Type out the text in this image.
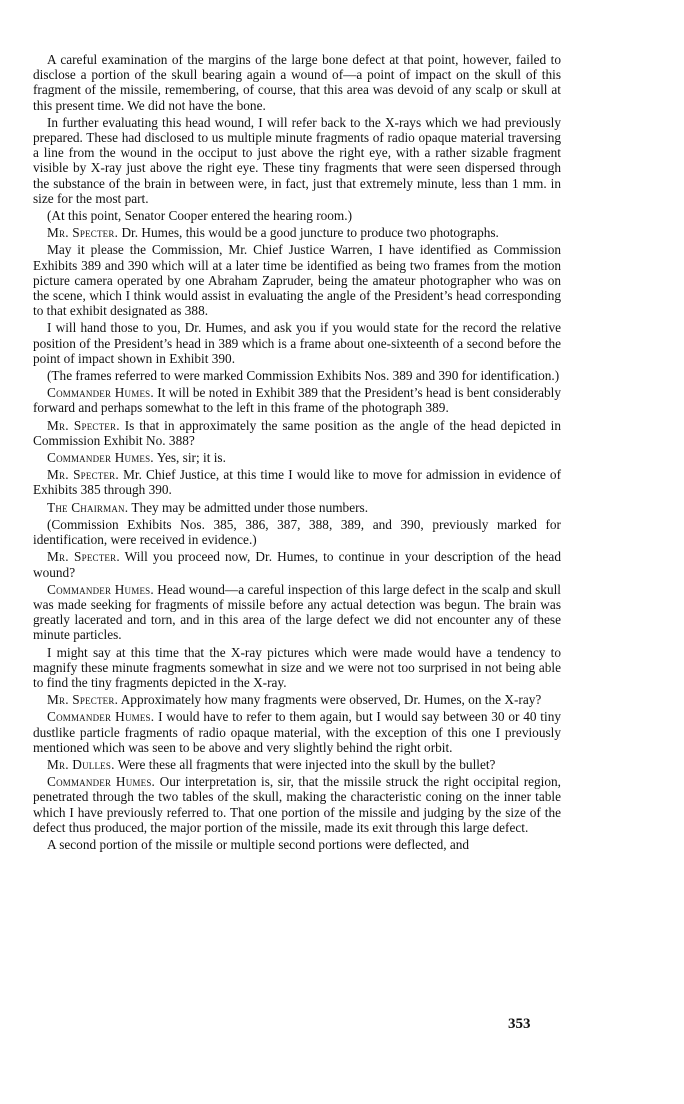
A careful examination of the margins of the large bone defect at that point, however, failed to disclose a portion of the skull bearing again a wound of—a point of impact on the skull of this fragment of the missile, remembering, of course, that this area was devoid of any scalp or skull at this present time. We did not have the bone.

In further evaluating this head wound, I will refer back to the X-rays which we had previously prepared. These had disclosed to us multiple minute fragments of radio opaque material traversing a line from the wound in the occiput to just above the right eye, with a rather sizable fragment visible by X-ray just above the right eye. These tiny fragments that were seen dispersed through the substance of the brain in between were, in fact, just that extremely minute, less than 1 mm. in size for the most part.

(At this point, Senator Cooper entered the hearing room.)

Mr. Specter. Dr. Humes, this would be a good juncture to produce two photographs.

May it please the Commission, Mr. Chief Justice Warren, I have identified as Commission Exhibits 389 and 390 which will at a later time be identified as being two frames from the motion picture camera operated by one Abraham Zapruder, being the amateur photographer who was on the scene, which I think would assist in evaluating the angle of the President’s head corresponding to that exhibit designated as 388.

I will hand those to you, Dr. Humes, and ask you if you would state for the record the relative position of the President’s head in 389 which is a frame about one-sixteenth of a second before the point of impact shown in Exhibit 390.

(The frames referred to were marked Commission Exhibits Nos. 389 and 390 for identification.)

Commander Humes. It will be noted in Exhibit 389 that the President’s head is bent considerably forward and perhaps somewhat to the left in this frame of the photograph 389.

Mr. Specter. Is that in approximately the same position as the angle of the head depicted in Commission Exhibit No. 388?

Commander Humes. Yes, sir; it is.

Mr. Specter. Mr. Chief Justice, at this time I would like to move for admission in evidence of Exhibits 385 through 390.

The Chairman. They may be admitted under those numbers.

(Commission Exhibits Nos. 385, 386, 387, 388, 389, and 390, previously marked for identification, were received in evidence.)

Mr. Specter. Will you proceed now, Dr. Humes, to continue in your description of the head wound?

Commander Humes. Head wound—a careful inspection of this large defect in the scalp and skull was made seeking for fragments of missile before any actual detection was begun. The brain was greatly lacerated and torn, and in this area of the large defect we did not encounter any of these minute particles.

I might say at this time that the X-ray pictures which were made would have a tendency to magnify these minute fragments somewhat in size and we were not too surprised in not being able to find the tiny fragments depicted in the X-ray.

Mr. Specter. Approximately how many fragments were observed, Dr. Humes, on the X-ray?

Commander Humes. I would have to refer to them again, but I would say between 30 or 40 tiny dustlike particle fragments of radio opaque material, with the exception of this one I previously mentioned which was seen to be above and very slightly behind the right orbit.

Mr. Dulles. Were these all fragments that were injected into the skull by the bullet?

Commander Humes. Our interpretation is, sir, that the missile struck the right occipital region, penetrated through the two tables of the skull, making the characteristic coning on the inner table which I have previously referred to. That one portion of the missile and judging by the size of the defect thus produced, the major portion of the missile, made its exit through this large defect.

A second portion of the missile or multiple second portions were deflected, and

353
